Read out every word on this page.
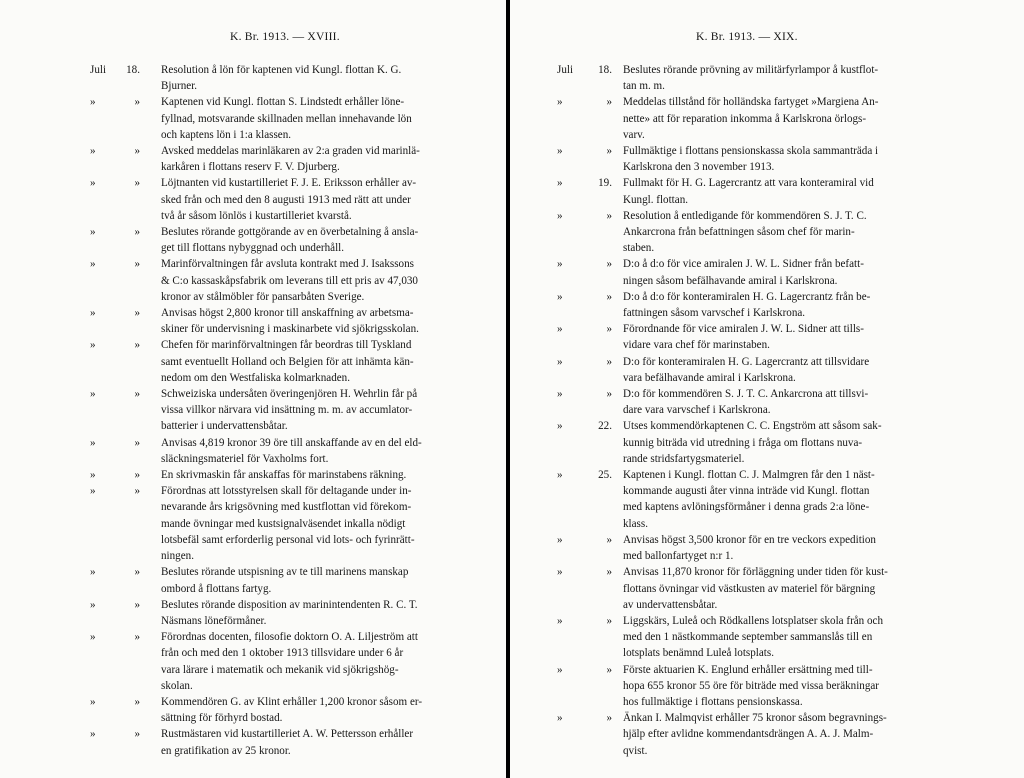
K. Br. 1913. — XVIII.
Juli	18. Resolution å lön för kaptenen vid Kungl. flottan K. G.
Bjurner.
»	» Kaptenen vid Kungl. flottan S. Lindstedt erhåller löne-
fyllnad, motsvarande skillnaden mellan innehavande lön
och kaptens lön i 1:a klassen.
»	» Avsked meddelas marinläkaren av 2:a graden vid marinlä-
karkåren i flottans reserv F. V. Djurberg.
»	» Löjtnanten vid kustartilleriet F. J. E. Eriksson erhåller av-
sked från och med den 8 augusti 1913 med rätt att under
två år såsom lönlös i kustartilleriet kvarstå.
»	» Beslutes rörande gottgörande av en överbetalning å ansla-
get till flottans nybyggnad och underhåll.
»	» Marinförvaltningen får avsluta kontrakt med J. Isakssons
& C:o kassaskåpsfabrik om leverans till ett pris av 47,030
kronor av stålmöbler för pansarbåten Sverige.
»	» Anvisas högst 2,800 kronor till anskaffning av arbetsma-
skiner för undervisning i maskinarbete vid sjökrigsskolan.
»	» Chefen för marinförvaltningen får beordras till Tyskland
samt eventuellt Holland och Belgien för att inhämta kän-
nedom om den Westfaliska kolmarknaden.
»	» Schweiziska undersåten överingenjören H. Wehrlin får på
vissa villkor närvara vid insättning m. m. av accumlator-
batterier i undervattensbåtar.
»	» Anvisas 4,819 kronor 39 öre till anskaffande av en del eld-
släckningsmateriel för Vaxholms fort.
»	» En skrivmaskin får anskaffas för marinstabens räkning.
»	» Förordnas att lotsstyrelsen skall för deltagande under in-
nevarande års krigsövning med kustflottan vid förekom-
mande övningar med kustsignalväsendet inkalla nödigt
lotsbefäl samt erforderlig personal vid lots- och fyrinrätt-
ningen.
»	» Beslutes rörande utspisning av te till marinens manskap
ombord å flottans fartyg.
»	» Beslutes rörande disposition av marinintendenten R. C. T.
Näsmans löneförmåner.
»	» Förordnas docenten, filosofie doktorn O. A. Liljeström att
från och med den 1 oktober 1913 tillsvidare under 6 år
vara lärare i matematik och mekanik vid sjökrigshög-
skolan.
»	» Kommendören G. av Klint erhåller 1,200 kronor såsom er-
sättning för förhyrd bostad.
»	» Rustmästaren vid kustartilleriet A. W. Pettersson erhåller
en gratifikation av 25 kronor.
K. Br. 1913. — XIX.
Juli	18. Beslutes rörande prövning av militärfyrlampor å kustflot-
tan m. m.
»	» Meddelas tillstånd för holländska fartyget »Margiena An-
nette» att för reparation inkomma å Karlskrona örlogs-
varv.
»	» Fullmäktige i flottans pensionskassa skola sammanträda i
Karlskrona den 3 november 1913.
»	19. Fullmakt för H. G. Lagercrantz att vara konteramiral vid
Kungl. flottan.
»	» Resolution å entledigande för kommendören S. J. T. C.
Ankarcrona från befattningen såsom chef för marin-
staben.
»	» D:o å d:o för vice amiralen J. W. L. Sidner från befatt-
ningen såsom befälhavande amiral i Karlskrona.
»	» D:o å d:o för konteramiralen H. G. Lagercrantz från be-
fattningen såsom varvschef i Karlskrona.
»	» Förordnande för vice amiralen J. W. L. Sidner att tills-
vidare vara chef för marinstaben.
»	» D:o för konteramiralen H. G. Lagercrantz att tillsvidare
vara befälhavande amiral i Karlskrona.
»	» D:o för kommendören S. J. T. C. Ankarcrona att tillsvi-
dare vara varvschef i Karlskrona.
»	22. Utses kommendörkaptenen C. C. Engström att såsom sak-
kunnig biträda vid utredning i fråga om flottans nuva-
rande stridsfartygsmateriel.
»	25. Kaptenen i Kungl. flottan C. J. Malmgren får den 1 näst-
kommande augusti åter vinna inträde vid Kungl. flottan
med kaptens avlöningsförmåner i denna grads 2:a löne-
klass.
»	» Anvisas högst 3,500 kronor för en tre veckors expedition
med ballonfartyget n:r 1.
»	» Anvisas 11,870 kronor för förläggning under tiden för kust-
flottans övningar vid västkusten av materiel för bärgning
av undervattensbåtar.
»	» Liggskärs, Luleå och Rödkallens lotsplatser skola från och
med den 1 nästkommande september sammanslås till en
lotsplats benämnd Luleå lotsplats.
»	» Förste aktuarien K. Englund erhåller ersättning med till-
hopa 655 kronor 55 öre för biträde med vissa beräkningar
hos fullmäktige i flottans pensionskassa.
»	» Änkan I. Malmqvist erhåller 75 kronor såsom begravnings-
hjälp efter avlidne kommendantsdrängen A. A. J. Malm-
qvist.
